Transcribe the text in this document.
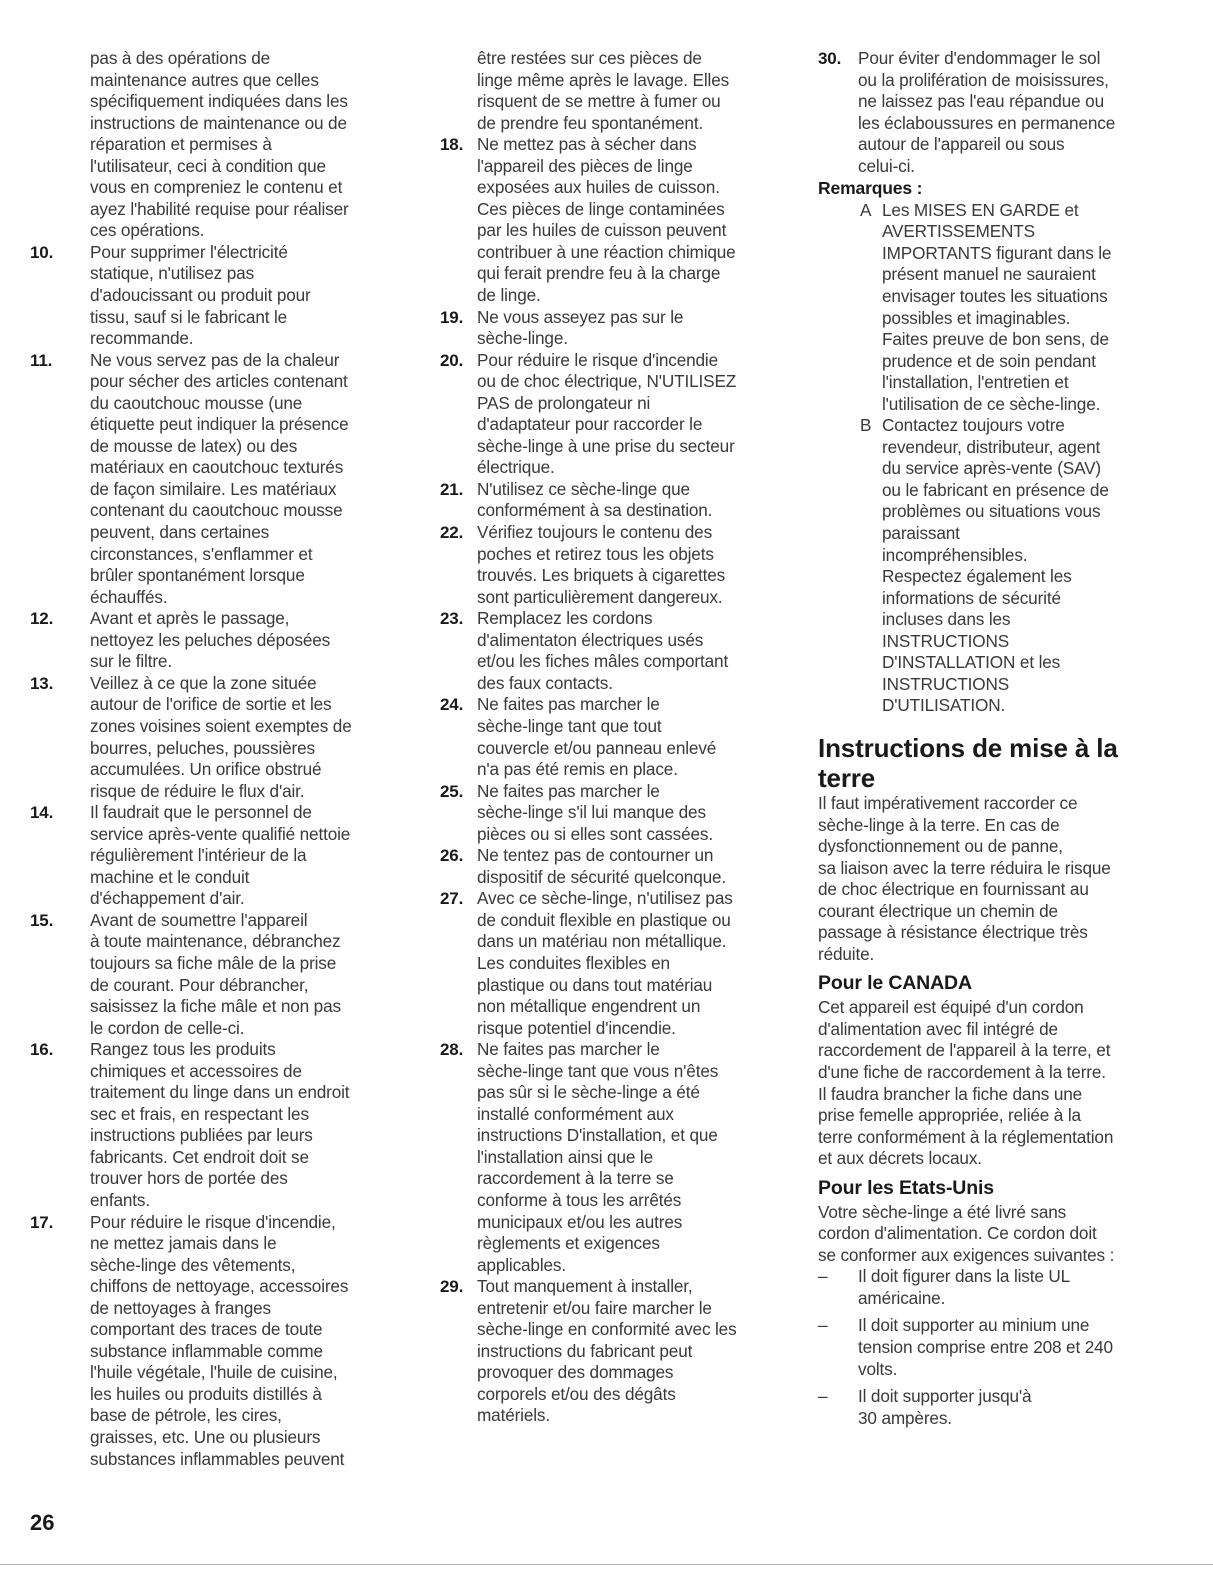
pas à des opérations de
maintenance autres que celles
spécifiquement indiquées dans les
instructions de maintenance ou de
réparation et permises à
l'utilisateur, ceci à condition que
vous en compreniez le contenu et
ayez l'habilité requise pour réaliser
ces opérations.
10.	Pour supprimer l'électricité
statique, n'utilisez pas
d'adoucissant ou produit pour
tissu, sauf si le fabricant le
recommande.
11.	Ne vous servez pas de la chaleur
pour sécher des articles contenant
du caoutchouc mousse (une
étiquette peut indiquer la présence
de mousse de latex) ou des
matériaux en caoutchouc texturés
de façon similaire. Les matériaux
contenant du caoutchouc mousse
peuvent, dans certaines
circonstances, s'enflammer et
brûler spontanément lorsque
échauffés.
12.	Avant et après le passage,
nettoyez les peluches déposées
sur le filtre.
13.	Veillez à ce que la zone située
autour de l'orifice de sortie et les
zones voisines soient exemptes de
bourres, peluches, poussières
accumulées. Un orifice obstrué
risque de réduire le flux d'air.
14.	Il faudrait que le personnel de
service après-vente qualifié nettoie
régulièrement l'intérieur de la
machine et le conduit
d'échappement d'air.
15.	Avant de soumettre l'appareil
à toute maintenance, débranchez
toujours sa fiche mâle de la prise
de courant. Pour débrancher,
saisissez la fiche mâle et non pas
le cordon de celle-ci.
16.	Rangez tous les produits
chimiques et accessoires de
traitement du linge dans un endroit
sec et frais, en respectant les
instructions publiées par leurs
fabricants. Cet endroit doit se
trouver hors de portée des
enfants.
17.	Pour réduire le risque d'incendie,
ne mettez jamais dans le
sèche-linge des vêtements,
chiffons de nettoyage, accessoires
de nettoyages à franges
comportant des traces de toute
substance inflammable comme
l'huile végétale, l'huile de cuisine,
les huiles ou produits distillés à
base de pétrole, les cires,
graisses, etc. Une ou plusieurs
substances inflammables peuvent
être restées sur ces pièces de
linge même après le lavage. Elles
risquent de se mettre à fumer ou
de prendre feu spontanément.
18. Ne mettez pas à sécher dans
l'appareil des pièces de linge
exposées aux huiles de cuisson.
Ces pièces de linge contaminées
par les huiles de cuisson peuvent
contribuer à une réaction chimique
qui ferait prendre feu à la charge
de linge.
19. Ne vous asseyez pas sur le
sèche-linge.
20. Pour réduire le risque d'incendie
ou de choc électrique, N'UTILISEZ
PAS de prolongateur ni
d'adaptateur pour raccorder le
sèche-linge à une prise du secteur
électrique.
21. N'utilisez ce sèche-linge que
conformément à sa destination.
22. Vérifiez toujours le contenu des
poches et retirez tous les objets
trouvés. Les briquets à cigarettes
sont particulièrement dangereux.
23. Remplacez les cordons
d'alimentaton électriques usés
et/ou les fiches mâles comportant
des faux contacts.
24. Ne faites pas marcher le
sèche-linge tant que tout
couvercle et/ou panneau enlevé
n'a pas été remis en place.
25. Ne faites pas marcher le
sèche-linge s'il lui manque des
pièces ou si elles sont cassées.
26. Ne tentez pas de contourner un
dispositif de sécurité quelconque.
27. Avec ce sèche-linge, n'utilisez pas
de conduit flexible en plastique ou
dans un matériau non métallique.
Les conduites flexibles en
plastique ou dans tout matériau
non métallique engendrent un
risque potentiel d'incendie.
28. Ne faites pas marcher le
sèche-linge tant que vous n'êtes
pas sûr si le sèche-linge a été
installé conformément aux
instructions D'installation, et que
l'installation ainsi que le
raccordement à la terre se
conforme à tous les arrêtés
municipaux et/ou les autres
règlements et exigences
applicables.
29. Tout manquement à installer,
entretenir et/ou faire marcher le
sèche-linge en conformité avec les
instructions du fabricant peut
provoquer des dommages
corporels et/ou des dégâts
matériels.
30. Pour éviter d'endommager le sol
ou la prolifération de moisissures,
ne laissez pas l'eau répandue ou
les éclaboussures en permanence
autour de l'appareil ou sous
celui-ci.
Remarques :
A Les MISES EN GARDE et
AVERTISSEMENTS
IMPORTANTS figurant dans le
présent manuel ne sauraient
envisager toutes les situations
possibles et imaginables.
Faites preuve de bon sens, de
prudence et de soin pendant
l'installation, l'entretien et
l'utilisation de ce sèche-linge.
B Contactez toujours votre
revendeur, distributeur, agent
du service après-vente (SAV)
ou le fabricant en présence de
problèmes ou situations vous
paraissant
incompréhensibles.
Respectez également les
informations de sécurité
incluses dans les
INSTRUCTIONS
D'INSTALLATION et les
INSTRUCTIONS
D'UTILISATION.
Instructions de mise à la
terre
Il faut impérativement raccorder ce
sèche-linge à la terre. En cas de
dysfonctionnement ou de panne,
sa liaison avec la terre réduira le risque
de choc électrique en fournissant au
courant électrique un chemin de
passage à résistance électrique très
réduite.
Pour le CANADA
Cet appareil est équipé d'un cordon
d'alimentation avec fil intégré de
raccordement de l'appareil à la terre, et
d'une fiche de raccordement à la terre.
Il faudra brancher la fiche dans une
prise femelle appropriée, reliée à la
terre conformément à la réglementation
et aux décrets locaux.
Pour les Etats-Unis
Votre sèche-linge a été livré sans
cordon d'alimentation. Ce cordon doit
se conformer aux exigences suivantes :
–	Il doit figurer dans la liste UL
américaine.
–	Il doit supporter au minium une
tension comprise entre 208 et 240
volts.
–	Il doit supporter jusqu'à
30 ampères.
26
